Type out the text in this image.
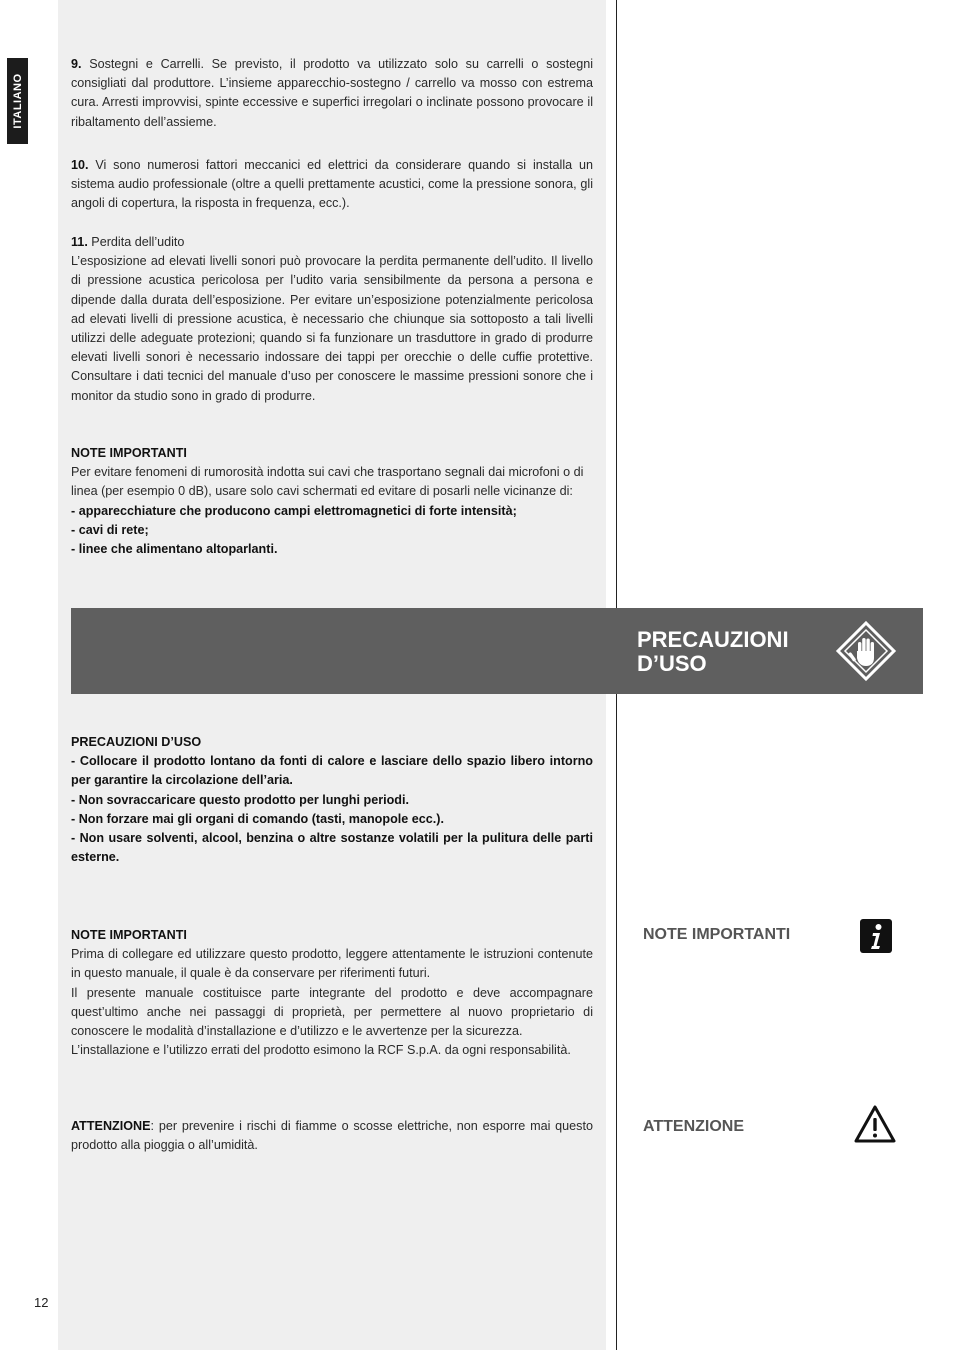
ITALIANO

9. Sostegni e Carrelli. Se previsto, il prodotto va utilizzato solo su carrelli o sostegni consigliati dal produttore. L’insieme apparecchio-sostegno / carrello va mosso con estrema cura. Arresti improvvisi, spinte eccessive e superfici irregolari o inclinate possono provocare il ribaltamento dell’assieme.

10. Vi sono numerosi fattori meccanici ed elettrici da considerare quando si installa un sistema audio professionale (oltre a quelli prettamente acustici, come la pressione sonora, gli angoli di copertura, la risposta in frequenza, ecc.).

11. Perdita dell’udito

L’esposizione ad elevati livelli sonori può provocare la perdita permanente dell’udito. Il livello di pressione acustica pericolosa per l’udito varia sensibilmente da persona a persona e dipende dalla durata dell’esposizione. Per evitare un’esposizione potenzialmente pericolosa ad elevati livelli di pressione acustica, è necessario che chiunque sia sottoposto a tali livelli utilizzi delle adeguate protezioni; quando si fa funzionare un trasduttore in grado di produrre elevati livelli sonori è necessario indossare dei tappi per orecchie o delle cuffie protettive. Consultare i dati tecnici del manuale d’uso per conoscere le massime pressioni sonore che i monitor da studio sono in grado di produrre.

NOTE IMPORTANTI

Per evitare fenomeni di rumorosità indotta sui cavi che trasportano segnali dai microfoni o di linea (per esempio 0 dB), usare solo cavi schermati ed evitare di posarli nelle vicinanze di:

- apparecchiature che producono campi elettromagnetici di forte intensità;

- cavi di rete;

- linee che alimentano altoparlanti.

PRECAUZIONI
D’USO

PRECAUZIONI D’USO

- Collocare il prodotto lontano da fonti di calore e lasciare dello spazio libero intorno per garantire la circolazione dell’aria.

- Non sovraccaricare questo prodotto per lunghi periodi.

- Non forzare mai gli organi di comando (tasti, manopole ecc.).

- Non usare solventi, alcool, benzina o altre sostanze volatili per la pulitura delle parti esterne.

NOTE IMPORTANTI

Prima di collegare ed utilizzare questo prodotto, leggere attentamente le istruzioni contenute in questo manuale, il quale è da conservare per riferimenti futuri.

Il presente manuale costituisce parte integrante del prodotto e deve accompagnare quest’ultimo anche nei passaggi di proprietà, per permettere al nuovo proprietario di conoscere le modalità d’installazione e d’utilizzo e le avvertenze per la sicurezza.

L’installazione e l’utilizzo errati del prodotto esimono la RCF S.p.A. da ogni responsabilità.

ATTENZIONE: per prevenire i rischi di fiamme o scosse elettriche, non esporre mai questo prodotto alla pioggia o all’umidità.

NOTE IMPORTANTI
ATTENZIONE
12
